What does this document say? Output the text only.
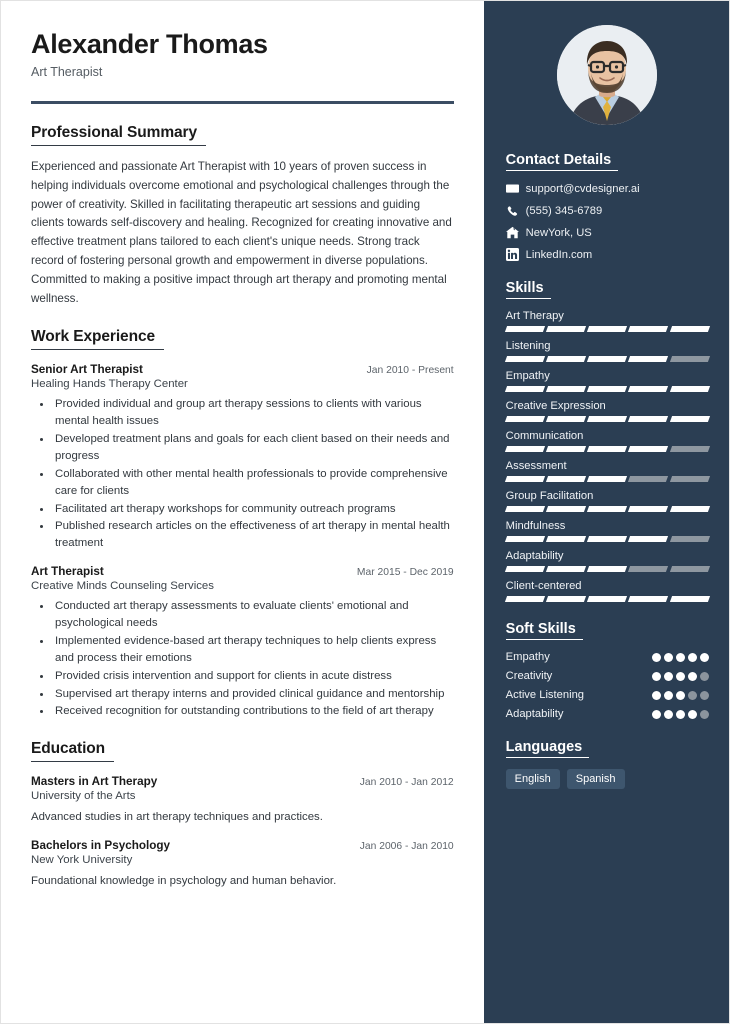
Alexander Thomas
Art Therapist
Professional Summary
Experienced and passionate Art Therapist with 10 years of proven success in helping individuals overcome emotional and psychological challenges through the power of creativity. Skilled in facilitating therapeutic art sessions and guiding clients towards self-discovery and healing. Recognized for creating innovative and effective treatment plans tailored to each client's unique needs. Strong track record of fostering personal growth and empowerment in diverse populations. Committed to making a positive impact through art therapy and promoting mental wellness.
Work Experience
Senior Art Therapist	Jan 2010 - Present
Healing Hands Therapy Center
• Provided individual and group art therapy sessions to clients with various mental health issues
• Developed treatment plans and goals for each client based on their needs and progress
• Collaborated with other mental health professionals to provide comprehensive care for clients
• Facilitated art therapy workshops for community outreach programs
• Published research articles on the effectiveness of art therapy in mental health treatment
Art Therapist	Mar 2015 - Dec 2019
Creative Minds Counseling Services
• Conducted art therapy assessments to evaluate clients' emotional and psychological needs
• Implemented evidence-based art therapy techniques to help clients express and process their emotions
• Provided crisis intervention and support for clients in acute distress
• Supervised art therapy interns and provided clinical guidance and mentorship
• Received recognition for outstanding contributions to the field of art therapy
Education
Masters in Art Therapy	Jan 2010 - Jan 2012
University of the Arts
Advanced studies in art therapy techniques and practices.
Bachelors in Psychology	Jan 2006 - Jan 2010
New York University
Foundational knowledge in psychology and human behavior.
Contact Details
support@cvdesigner.ai
(555) 345-6789
NewYork, US
LinkedIn.com
Skills
Art Therapy
Listening
Empathy
Creative Expression
Communication
Assessment
Group Facilitation
Mindfulness
Adaptability
Client-centered
Soft Skills
Empathy
Creativity
Active Listening
Adaptability
Languages
English	Spanish
